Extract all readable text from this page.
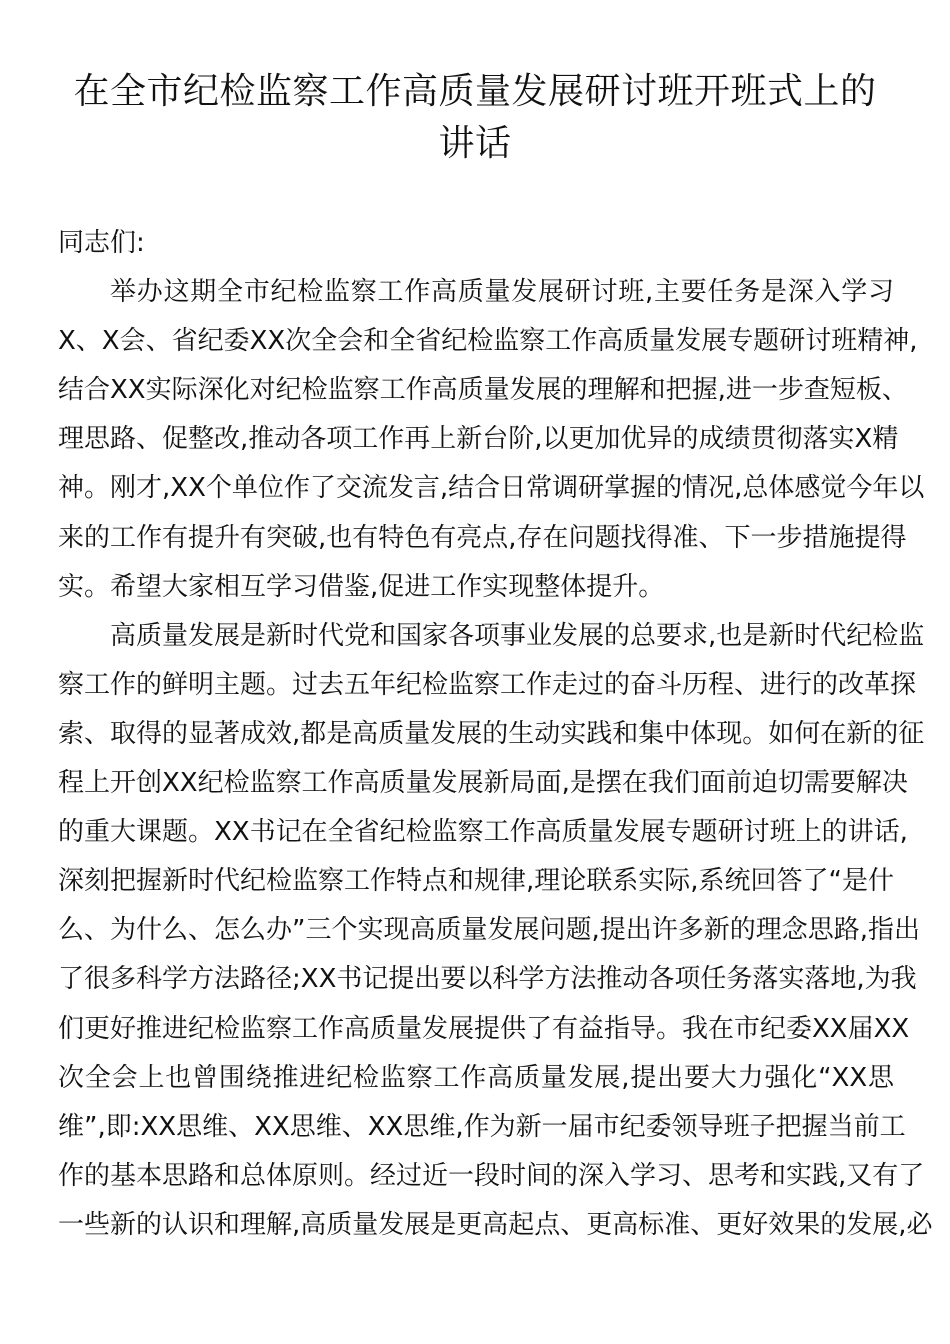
在全市纪检监察工作高质量发展研讨班开班式上的讲话
同志们:
举办这期全市纪检监察工作高质量发展研讨班,主要任务是深入学习
X、X会、省纪委XX次全会和全省纪检监察工作高质量发展专题研讨班精神,
结合XX实际深化对纪检监察工作高质量发展的理解和把握,进一步查短板、
理思路、促整改,推动各项工作再上新台阶,以更加优异的成绩贯彻落实X精
神。刚才,XX个单位作了交流发言,结合日常调研掌握的情况,总体感觉今年以
来的工作有提升有突破,也有特色有亮点,存在问题找得准、下一步措施提得
实。希望大家相互学习借鉴,促进工作实现整体提升。
高质量发展是新时代党和国家各项事业发展的总要求,也是新时代纪检监
察工作的鲜明主题。过去五年纪检监察工作走过的奋斗历程、进行的改革探
索、取得的显著成效,都是高质量发展的生动实践和集中体现。如何在新的征
程上开创XX纪检监察工作高质量发展新局面,是摆在我们面前迫切需要解决
的重大课题。XX书记在全省纪检监察工作高质量发展专题研讨班上的讲话,
深刻把握新时代纪检监察工作特点和规律,理论联系实际,系统回答了“是什
么、为什么、怎么办”三个实现高质量发展问题,提出许多新的理念思路,指出
了很多科学方法路径;XX书记提出要以科学方法推动各项任务落实落地,为我
们更好推进纪检监察工作高质量发展提供了有益指导。我在市纪委XX届XX
次全会上也曾围绕推进纪检监察工作高质量发展,提出要大力强化“XX思
维”,即:XX思维、XX思维、XX思维,作为新一届市纪委领导班子把握当前工
作的基本思路和总体原则。经过近一段时间的深入学习、思考和实践,又有了
一些新的认识和理解,高质量发展是更高起点、更高标准、更好效果的发展,必
